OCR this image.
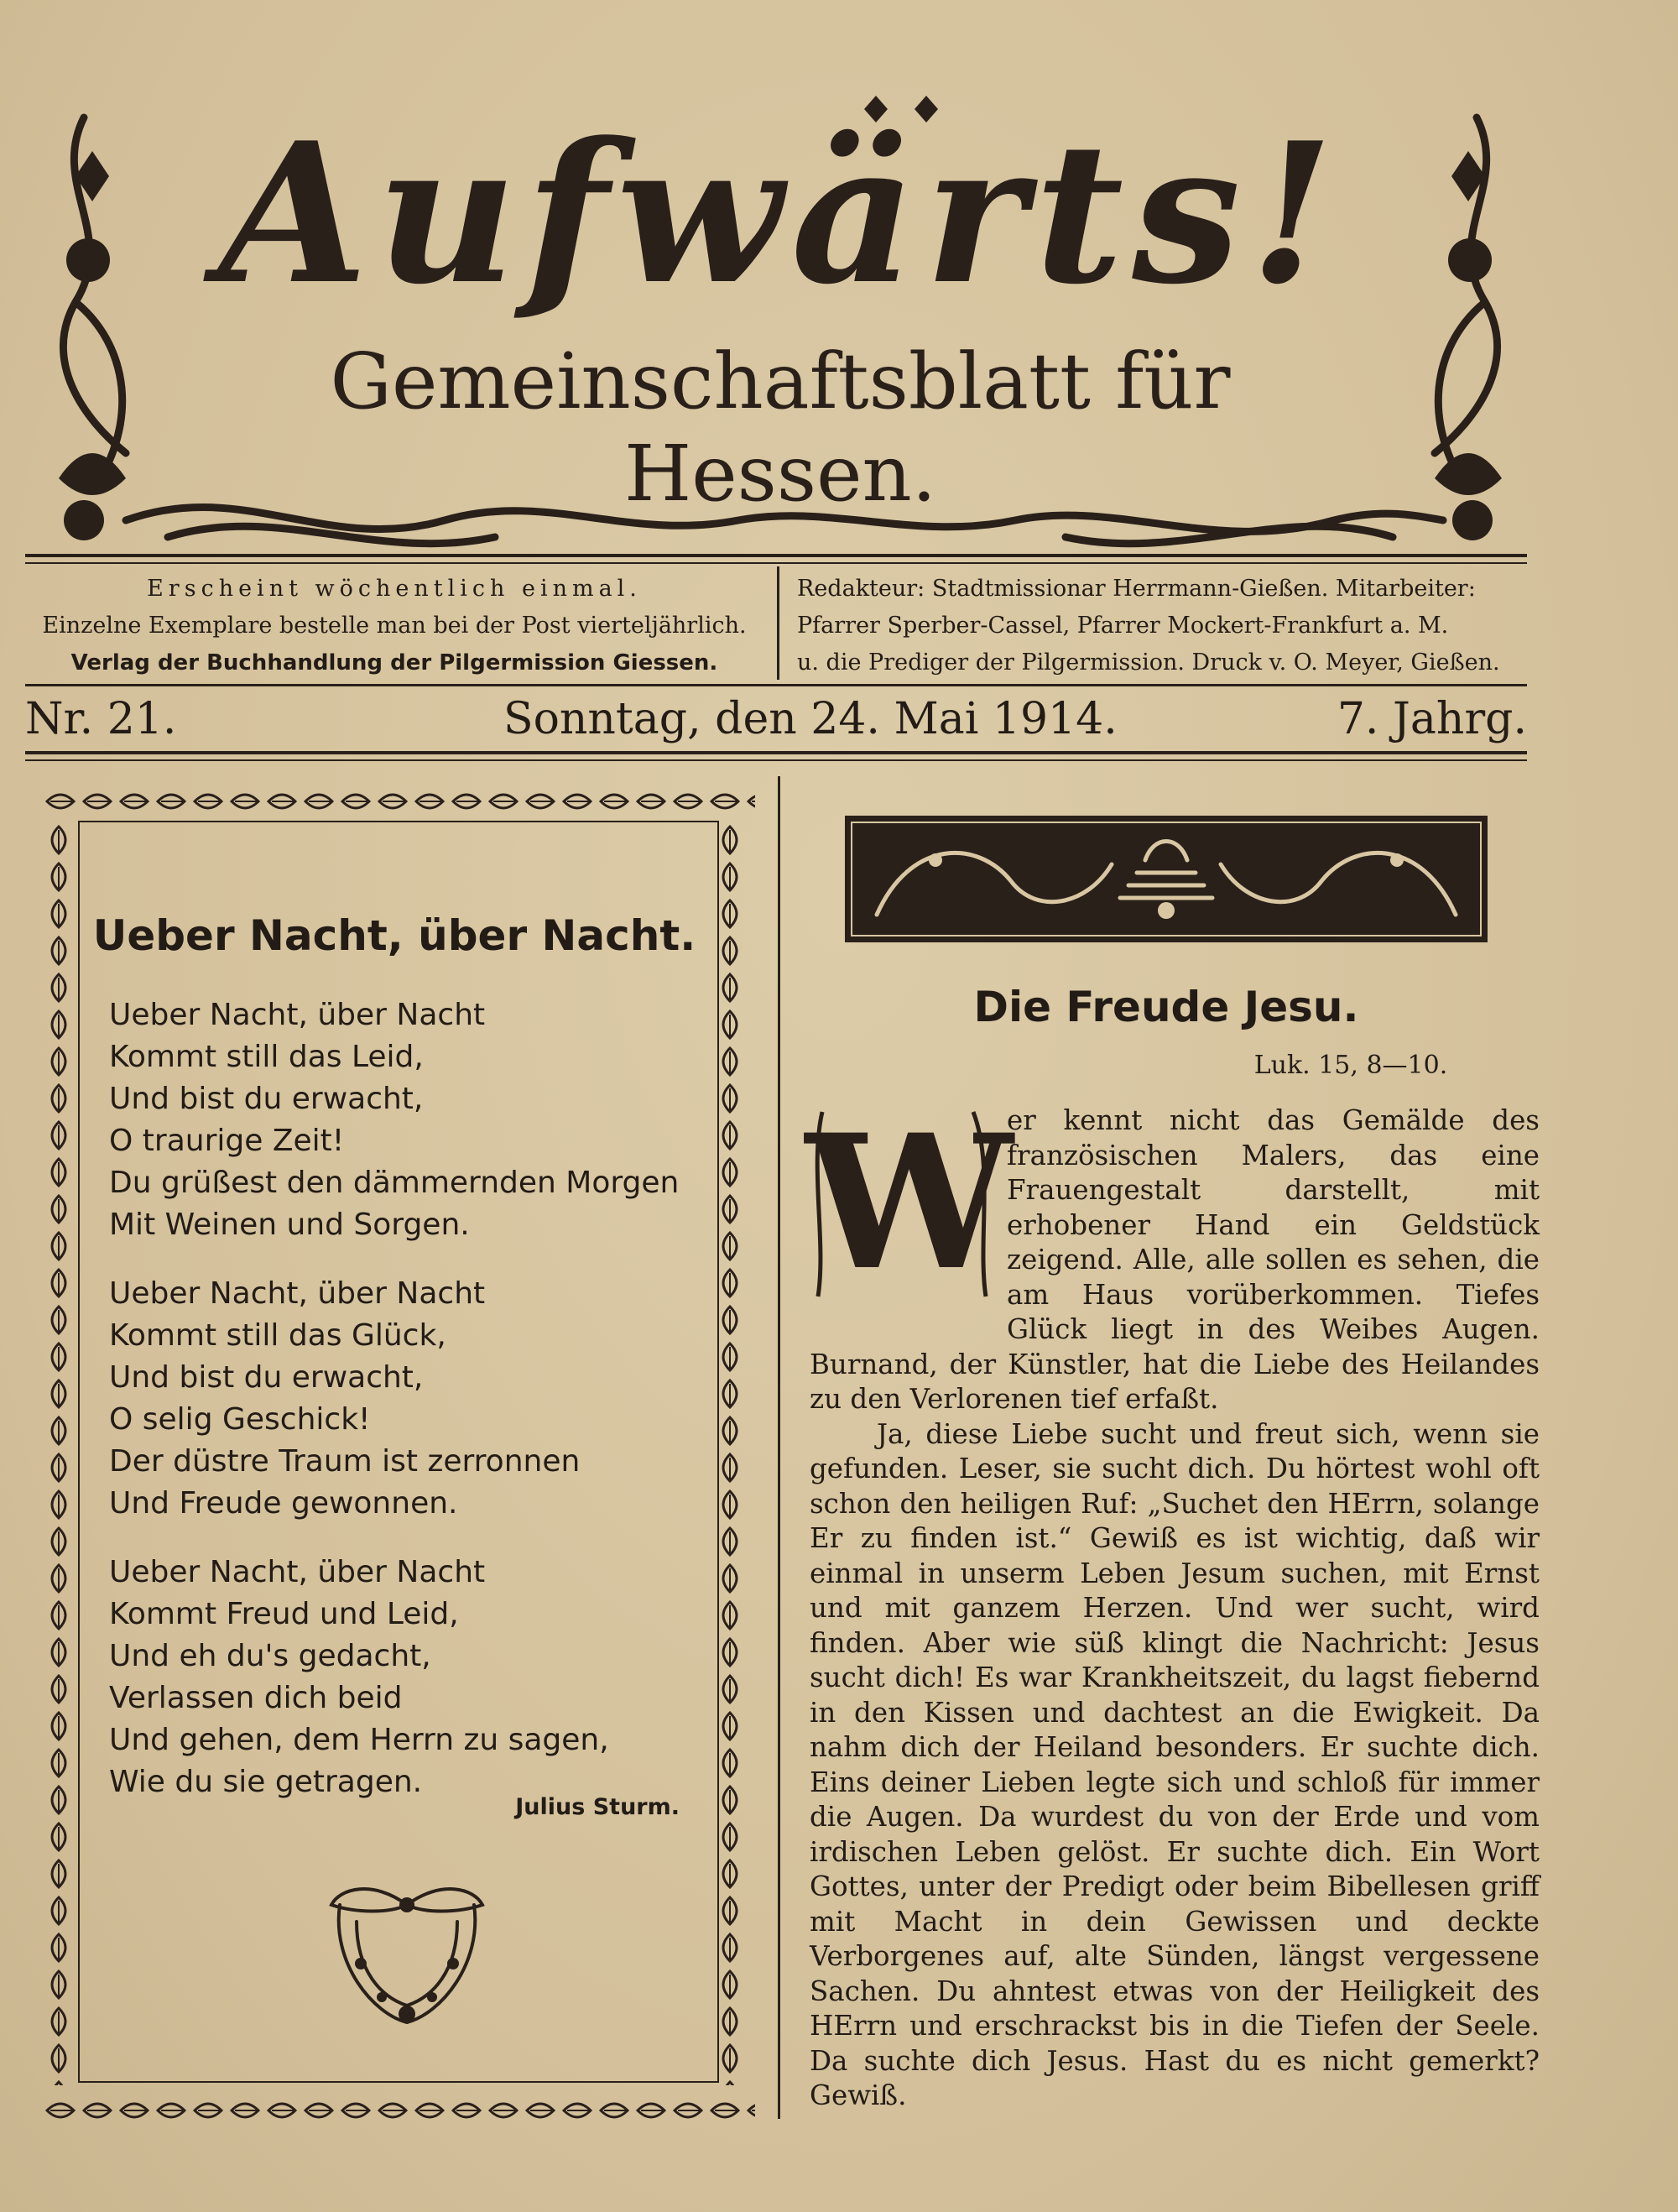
Aufwärts!
Gemeinschaftsblatt für Hessen.
Erscheint wöchentlich einmal.
Einzelne Exemplare bestelle man bei der Post vierteljährlich.
Verlag der Buchhandlung der Pilgermission Giessen.
Redakteur: Stadtmissionar Herrmann-Gießen. Mitarbeiter:
Pfarrer Sperber-Cassel, Pfarrer Mockert-Frankfurt a. M.
u. die Prediger der Pilgermission. Druck v. O. Meyer, Gießen.
Nr. 21.	Sonntag, den 24. Mai 1914.	7. Jahrg.
Ueber Nacht, über Nacht.
Ueber Nacht, über Nacht
Kommt still das Leid,
Und bist du erwacht,
O traurige Zeit!
Du grüßest den dämmernden Morgen
Mit Weinen und Sorgen.
Ueber Nacht, über Nacht
Kommt still das Glück,
Und bist du erwacht,
O selig Geschick!
Der düstre Traum ist zerronnen
Und Freude gewonnen.
Ueber Nacht, über Nacht
Kommt Freud und Leid,
Und eh du's gedacht,
Verlassen dich beid
Und gehen, dem Herrn zu sagen,
Wie du sie getragen.
Julius Sturm.
Die Freude Jesu.
Luk. 15, 8—10.
W

er kennt nicht das Gemälde des französischen Malers, das eine Frauengestalt darstellt, mit erhobener Hand ein Geldstück zeigend. Alle, alle sollen es sehen, die am Haus vorüberkommen. Tiefes Glück liegt in des Weibes Augen. Burnand, der Künstler, hat die Liebe des Heilandes zu den Verlorenen tief erfaßt.

Ja, diese Liebe sucht und freut sich, wenn sie gefunden. Leser, sie sucht dich. Du hörtest wohl oft schon den heiligen Ruf: „Suchet den HErrn, solange Er zu finden ist.“ Gewiß es ist wichtig, daß wir einmal in unserm Leben Jesum suchen, mit Ernst und mit ganzem Herzen. Und wer sucht, wird finden. Aber wie süß klingt die Nachricht: Jesus sucht dich! Es war Krankheitszeit, du lagst fiebernd in den Kissen und dachtest an die Ewigkeit. Da nahm dich der Heiland besonders. Er suchte dich. Eins deiner Lieben legte sich und schloß für immer die Augen. Da wurdest du von der Erde und vom irdischen Leben gelöst. Er suchte dich. Ein Wort Gottes, unter der Predigt oder beim Bibellesen griff mit Macht in dein Gewissen und deckte Verborgenes auf, alte Sünden, längst vergessene Sachen. Du ahntest etwas von der Heiligkeit des HErrn und erschrackst bis in die Tiefen der Seele. Da suchte dich Jesus. Hast du es nicht gemerkt? Gewiß.
